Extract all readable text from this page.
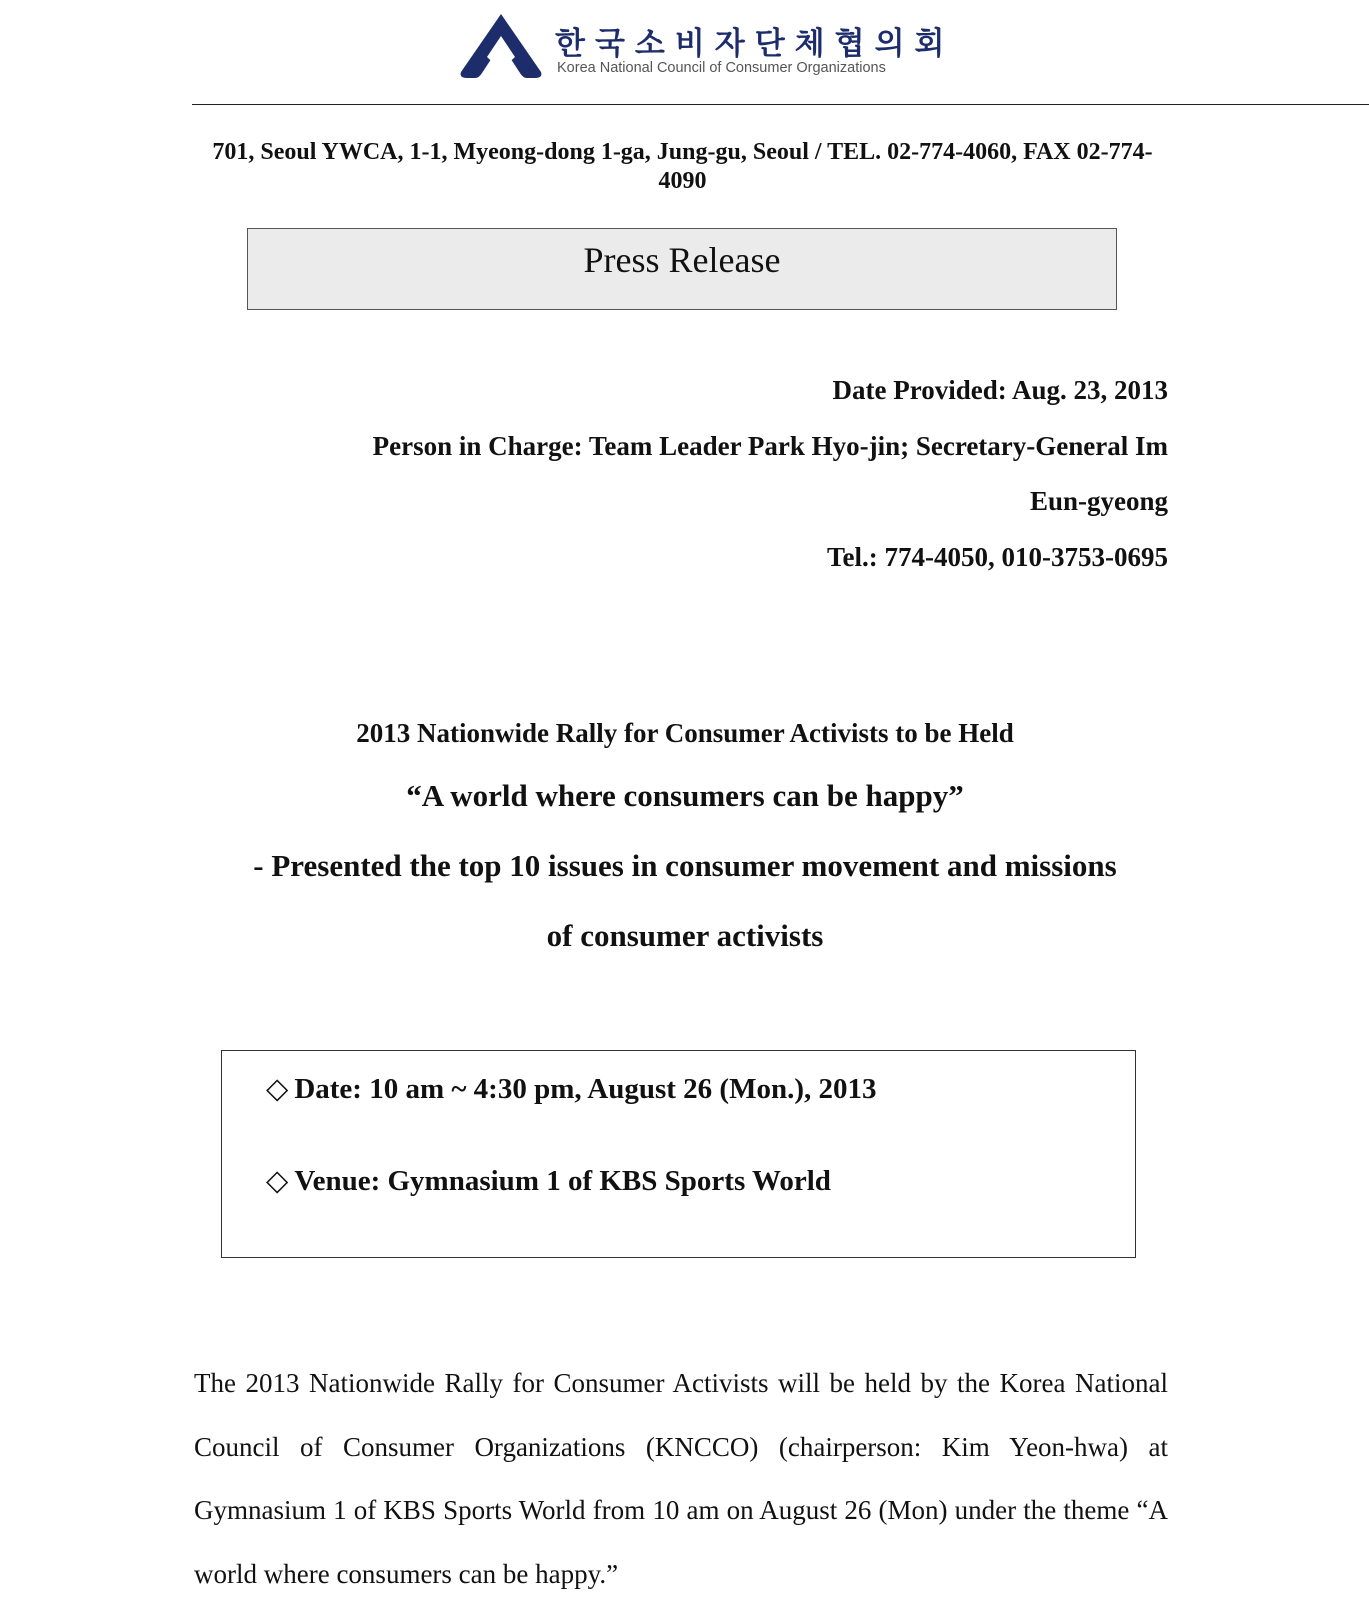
한국소비자단체협의회
Korea National Council of Consumer Organizations
701, Seoul YWCA, 1-1, Myeong-dong 1-ga, Jung-gu, Seoul / TEL. 02-774-4060, FAX 02-774-4090
Press Release
Date Provided: Aug. 23, 2013
Person in Charge: Team Leader Park Hyo-jin; Secretary-General Im
Eun-gyeong
Tel.: 774-4050, 010-3753-0695
2013 Nationwide Rally for Consumer Activists to be Held
“A world where consumers can be happy”
- Presented the top 10 issues in consumer movement and missions
of consumer activists
◇ Date: 10 am ~ 4:30 pm, August 26 (Mon.), 2013
◇ Venue: Gymnasium 1 of KBS Sports World
The 2013 Nationwide Rally for Consumer Activists will be held by the Korea National Council of Consumer Organizations (KNCCO) (chairperson: Kim Yeon-hwa) at Gymnasium 1 of KBS Sports World from 10 am on August 26 (Mon) under the theme “A world where consumers can be happy.”
